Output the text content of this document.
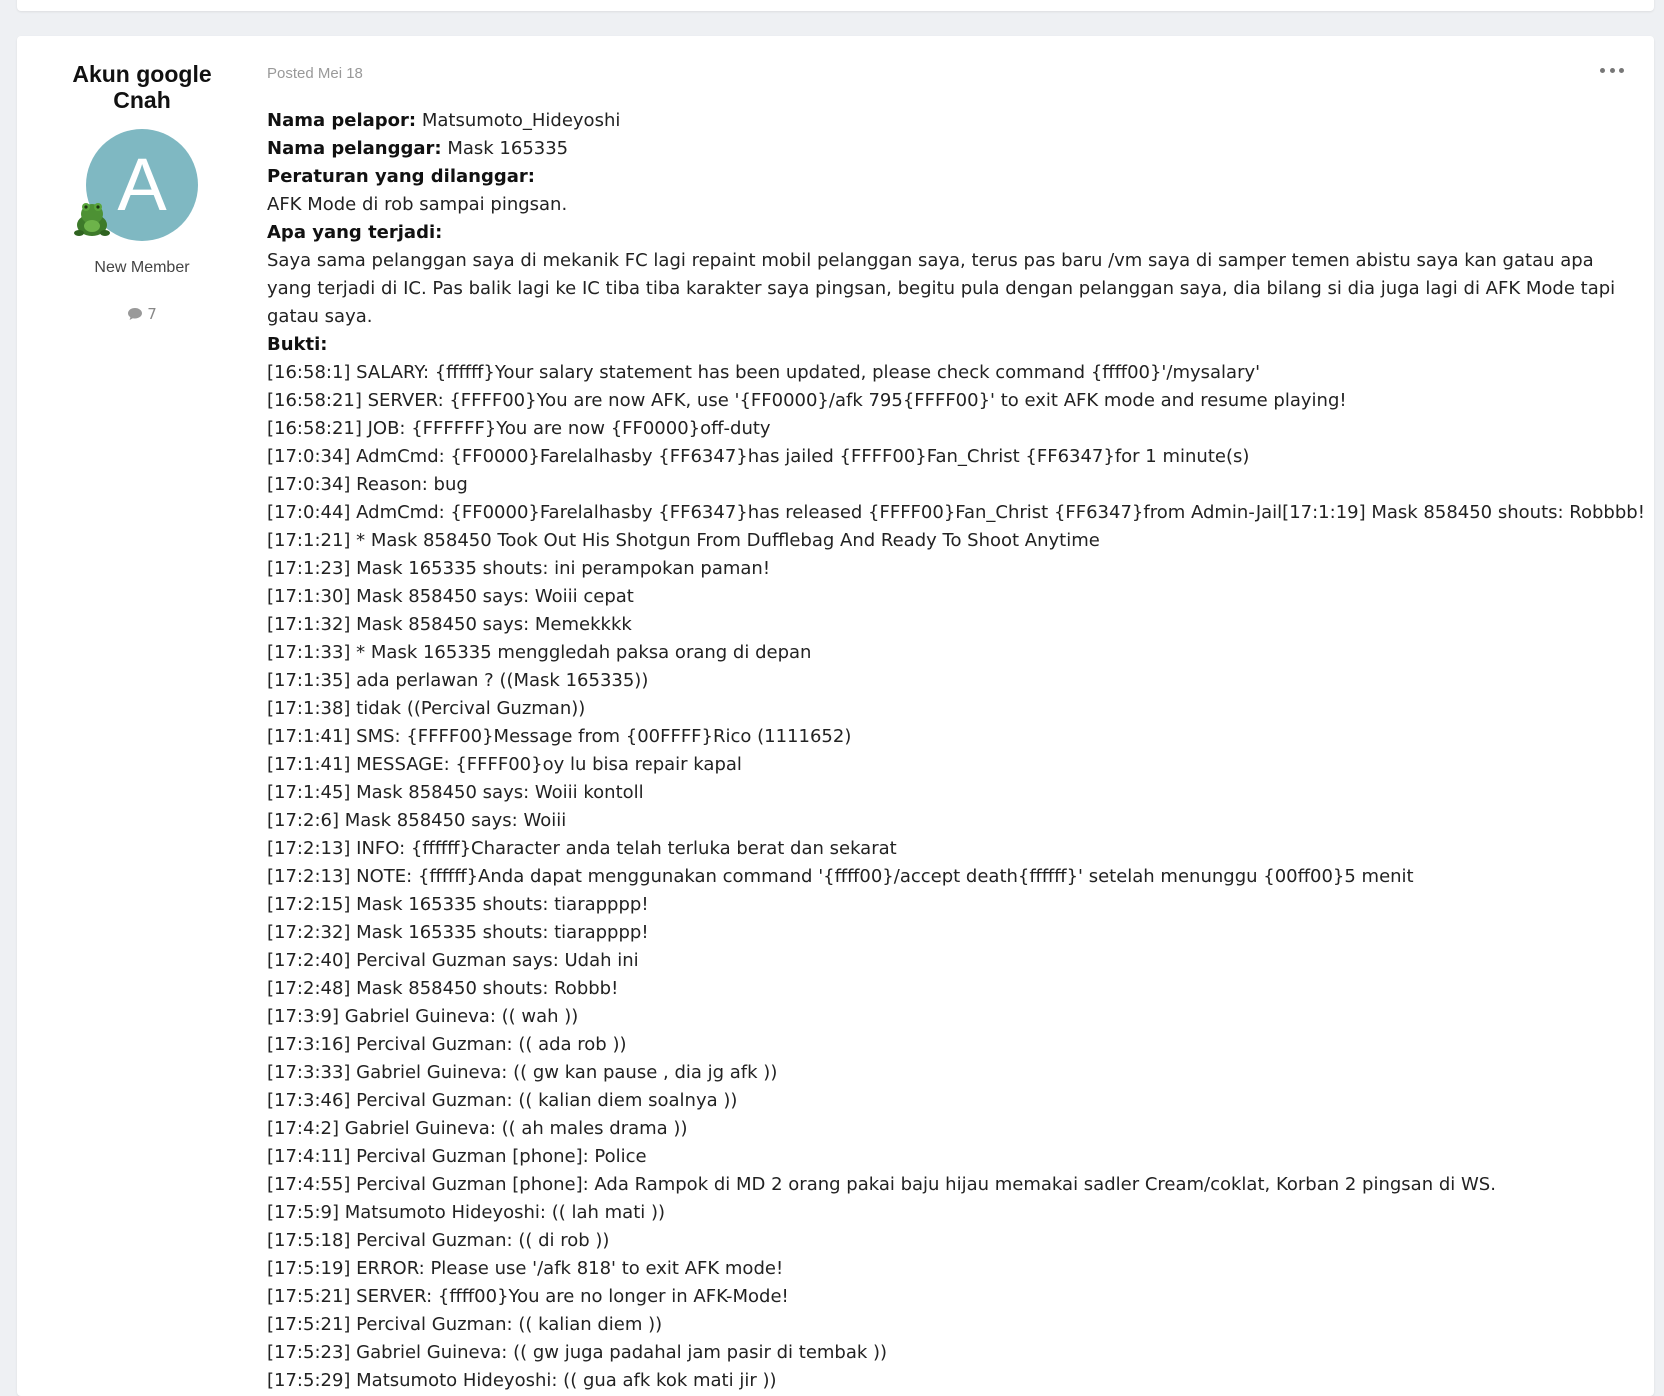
Akun google Cnah
A
New Member
7
Posted Mei 18
Nama pelapor: Matsumoto_Hideyoshi
Nama pelanggar: Mask 165335
Peraturan yang dilanggar:
AFK Mode di rob sampai pingsan.
Apa yang terjadi:
Saya sama pelanggan saya di mekanik FC lagi repaint mobil pelanggan saya, terus pas baru /vm saya di samper temen abistu saya kan gatau apa yang terjadi di IC. Pas balik lagi ke IC tiba tiba karakter saya pingsan, begitu pula dengan pelanggan saya, dia bilang si dia juga lagi di AFK Mode tapi gatau saya.
Bukti:
[16:58:1] SALARY: {ffffff}Your salary statement has been updated, please check command {ffff00}'/mysalary'
[16:58:21] SERVER: {FFFF00}You are now AFK, use '{FF0000}/afk 795{FFFF00}' to exit AFK mode and resume playing!
[16:58:21] JOB: {FFFFFF}You are now {FF0000}off-duty
[17:0:34] AdmCmd: {FF0000}Farelalhasby {FF6347}has jailed {FFFF00}Fan_Christ {FF6347}for 1 minute(s)
[17:0:34] Reason: bug
[17:0:44] AdmCmd: {FF0000}Farelalhasby {FF6347}has released {FFFF00}Fan_Christ {FF6347}from Admin-Jail[17:1:19] Mask 858450 shouts: Robbbb!
[17:1:21] * Mask 858450 Took Out His Shotgun From Dufflebag And Ready To Shoot Anytime
[17:1:23] Mask 165335 shouts: ini perampokan paman!
[17:1:30] Mask 858450 says: Woiii cepat
[17:1:32] Mask 858450 says: Memekkkk
[17:1:33] * Mask 165335 menggledah paksa orang di depan
[17:1:35] ada perlawan ? ((Mask 165335))
[17:1:38] tidak ((Percival Guzman))
[17:1:41] SMS: {FFFF00}Message from {00FFFF}Rico (1111652)
[17:1:41] MESSAGE: {FFFF00}oy lu bisa repair kapal
[17:1:45] Mask 858450 says: Woiii kontoll
[17:2:6] Mask 858450 says: Woiii
[17:2:13] INFO: {ffffff}Character anda telah terluka berat dan sekarat
[17:2:13] NOTE: {ffffff}Anda dapat menggunakan command '{ffff00}/accept death{ffffff}' setelah menunggu {00ff00}5 menit
[17:2:15] Mask 165335 shouts: tiarapppp!
[17:2:32] Mask 165335 shouts: tiarapppp!
[17:2:40] Percival Guzman says: Udah ini
[17:2:48] Mask 858450 shouts: Robbb!
[17:3:9] Gabriel Guineva: (( wah ))
[17:3:16] Percival Guzman: (( ada rob ))
[17:3:33] Gabriel Guineva: (( gw kan pause , dia jg afk ))
[17:3:46] Percival Guzman: (( kalian diem soalnya ))
[17:4:2] Gabriel Guineva: (( ah males drama ))
[17:4:11] Percival Guzman [phone]: Police
[17:4:55] Percival Guzman [phone]: Ada Rampok di MD 2 orang pakai baju hijau memakai sadler Cream/coklat, Korban 2 pingsan di WS.
[17:5:9] Matsumoto Hideyoshi: (( lah mati ))
[17:5:18] Percival Guzman: (( di rob ))
[17:5:19] ERROR: Please use '/afk 818' to exit AFK mode!
[17:5:21] SERVER: {ffff00}You are no longer in AFK-Mode!
[17:5:21] Percival Guzman: (( kalian diem ))
[17:5:23] Gabriel Guineva: (( gw juga padahal jam pasir di tembak ))
[17:5:29] Matsumoto Hideyoshi: (( gua afk kok mati jir ))
